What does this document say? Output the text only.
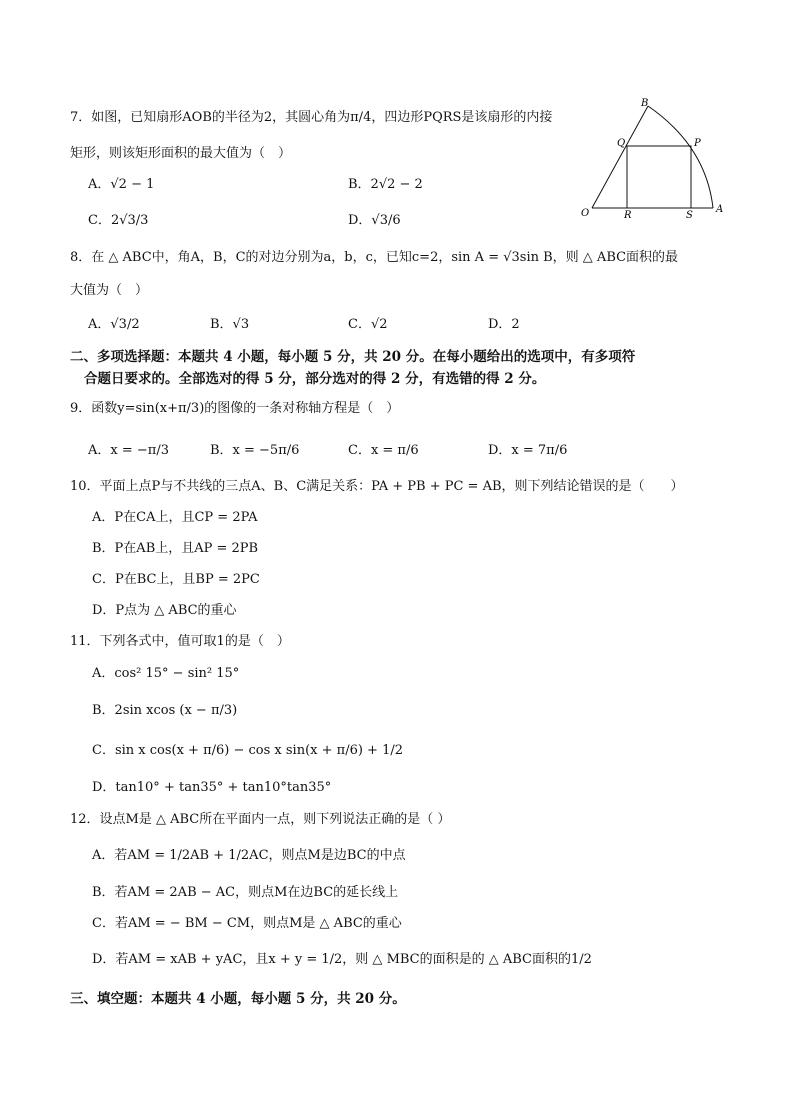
B
Q	P
O	R	S
A
7．如图，已知扇形AOB的半径为2，其圆心角为π/4，四边形PQRS是该扇形的内接
矩形，则该矩形面积的最大值为（　）
A．√2 − 1	B．2√2 − 2
C．2√3/3	D．√3/6
8．在 △ ABC中，角A，B，C的对边分别为a，b，c，已知c=2，sin A = √3sin B，则 △ ABC面积的最
大值为（　）
A．√3/2	B．√3	C．√2	D．2
二、多项选择题：本题共 4 小题，每小题 5 分，共 20 分。在每小题给出的选项中，有多项符
合题日要求的。全部选对的得 5 分，部分选对的得 2 分，有选错的得 2 分。
9．函数y=sin(x+π/3)的图像的一条对称轴方程是（　）
A．x = −π/3	B．x = −5π/6	C．x = π/6	D．x = 7π/6
10．平面上点P与不共线的三点A、B、C满足关系：PA + PB + PC = AB，则下列结论错误的是（　　）
A．P在CA上，且CP = 2PA
B．P在AB上，且AP = 2PB
C．P在BC上，且BP = 2PC
D．P点为 △ ABC的重心
11．下列各式中，值可取1的是（　）
A．cos² 15° − sin² 15°
B．2sin xcos (x − π/3)
C．sin x cos(x + π/6) − cos x sin(x + π/6) + 1/2
D．tan10° + tan35° + tan10°tan35°
12．设点M是 △ ABC所在平面内一点，则下列说法正确的是（ ）
A．若AM = 1/2AB + 1/2AC，则点M是边BC的中点
B．若AM = 2AB − AC，则点M在边BC的延长线上
C．若AM = − BM − CM，则点M是 △ ABC的重心
D．若AM = xAB + yAC，且x + y = 1/2，则 △ MBC的面积是的 △ ABC面积的1/2
三、填空题：本题共 4 小题，每小题 5 分，共 20 分。
